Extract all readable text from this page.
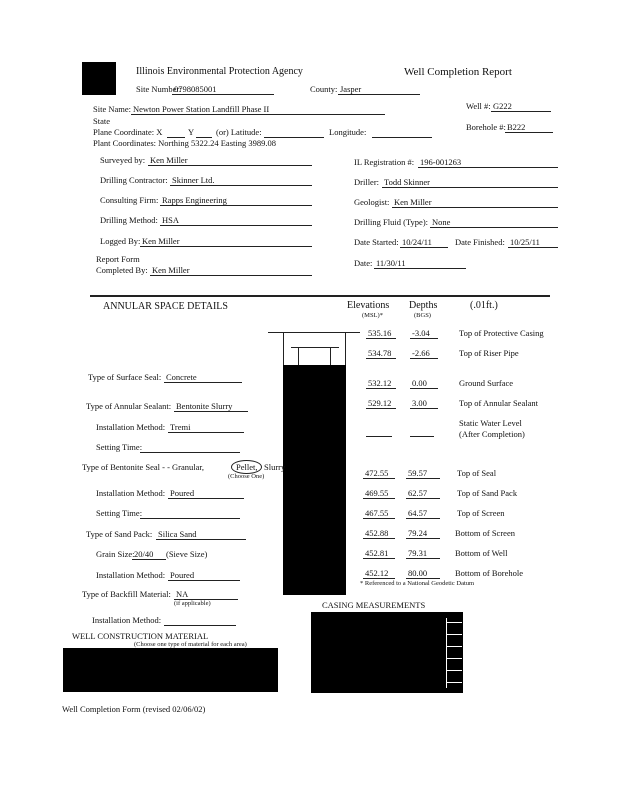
Illinois Environmental Protection Agency	Well Completion Report
Site Number:
0798085001	County: Jasper
Site Name: Newton Power Station Landfill Phase II	Well #: G222
State
Plane Coordinate: X	Y	(or) Latitude:	Longitude:	Borehole #: B222
Plant Coordinates: Northing 5322.24 Easting 3989.08
Surveyed by: Ken Miller	IL Registration #: 196-001263
Drilling Contractor: Skinner Ltd.	Driller: Todd Skinner
Consulting Firm: Rapps Engineering	Geologist: Ken Miller
Drilling Method: HSA	Drilling Fluid (Type): None
Logged By: Ken Miller	Date Started: 10/24/11	Date Finished: 10/25/11
Report Form
Completed By: Ken Miller
Date: 11/30/11
ANNULAR SPACE DETAILS	Elevations
(MSL)*
Depths
(BGS)
(.01ft.)
535.16	-3.04	Top of Protective Casing
534.78	-2.66	Top of Riser Pipe
532.12	0.00	Ground Surface
529.12	3.00	Top of Annular Sealant
Static Water Level
(After Completion)
472.55	59.57	Top of Seal
469.55	62.57	Top of Sand Pack
467.55	64.57	Top of Screen
452.88	79.24	Bottom of Screen
452.81	79.31	Bottom of Well
452.12	80.00	Bottom of Borehole
* Referenced to a National Geodetic Datum
Type of Surface Seal: Concrete
Type of Annular Sealant: Bentonite Slurry
Installation Method: Tremi
Setting Time:
Type of Bentonite Seal - - Granular,	Pellet, Slurry
(Choose One)
Installation Method: Poured
Setting Time:
Type of Sand Pack: Silica Sand
Grain Size: 20/40	(Sieve Size)
Installation Method: Poured
Type of Backfill Material: NA
(if applicable)
Installation Method:
CASING MEASUREMENTS
WELL CONSTRUCTION MATERIAL
(Choose one type of material for each area)
Well Completion Form (revised 02/06/02)
